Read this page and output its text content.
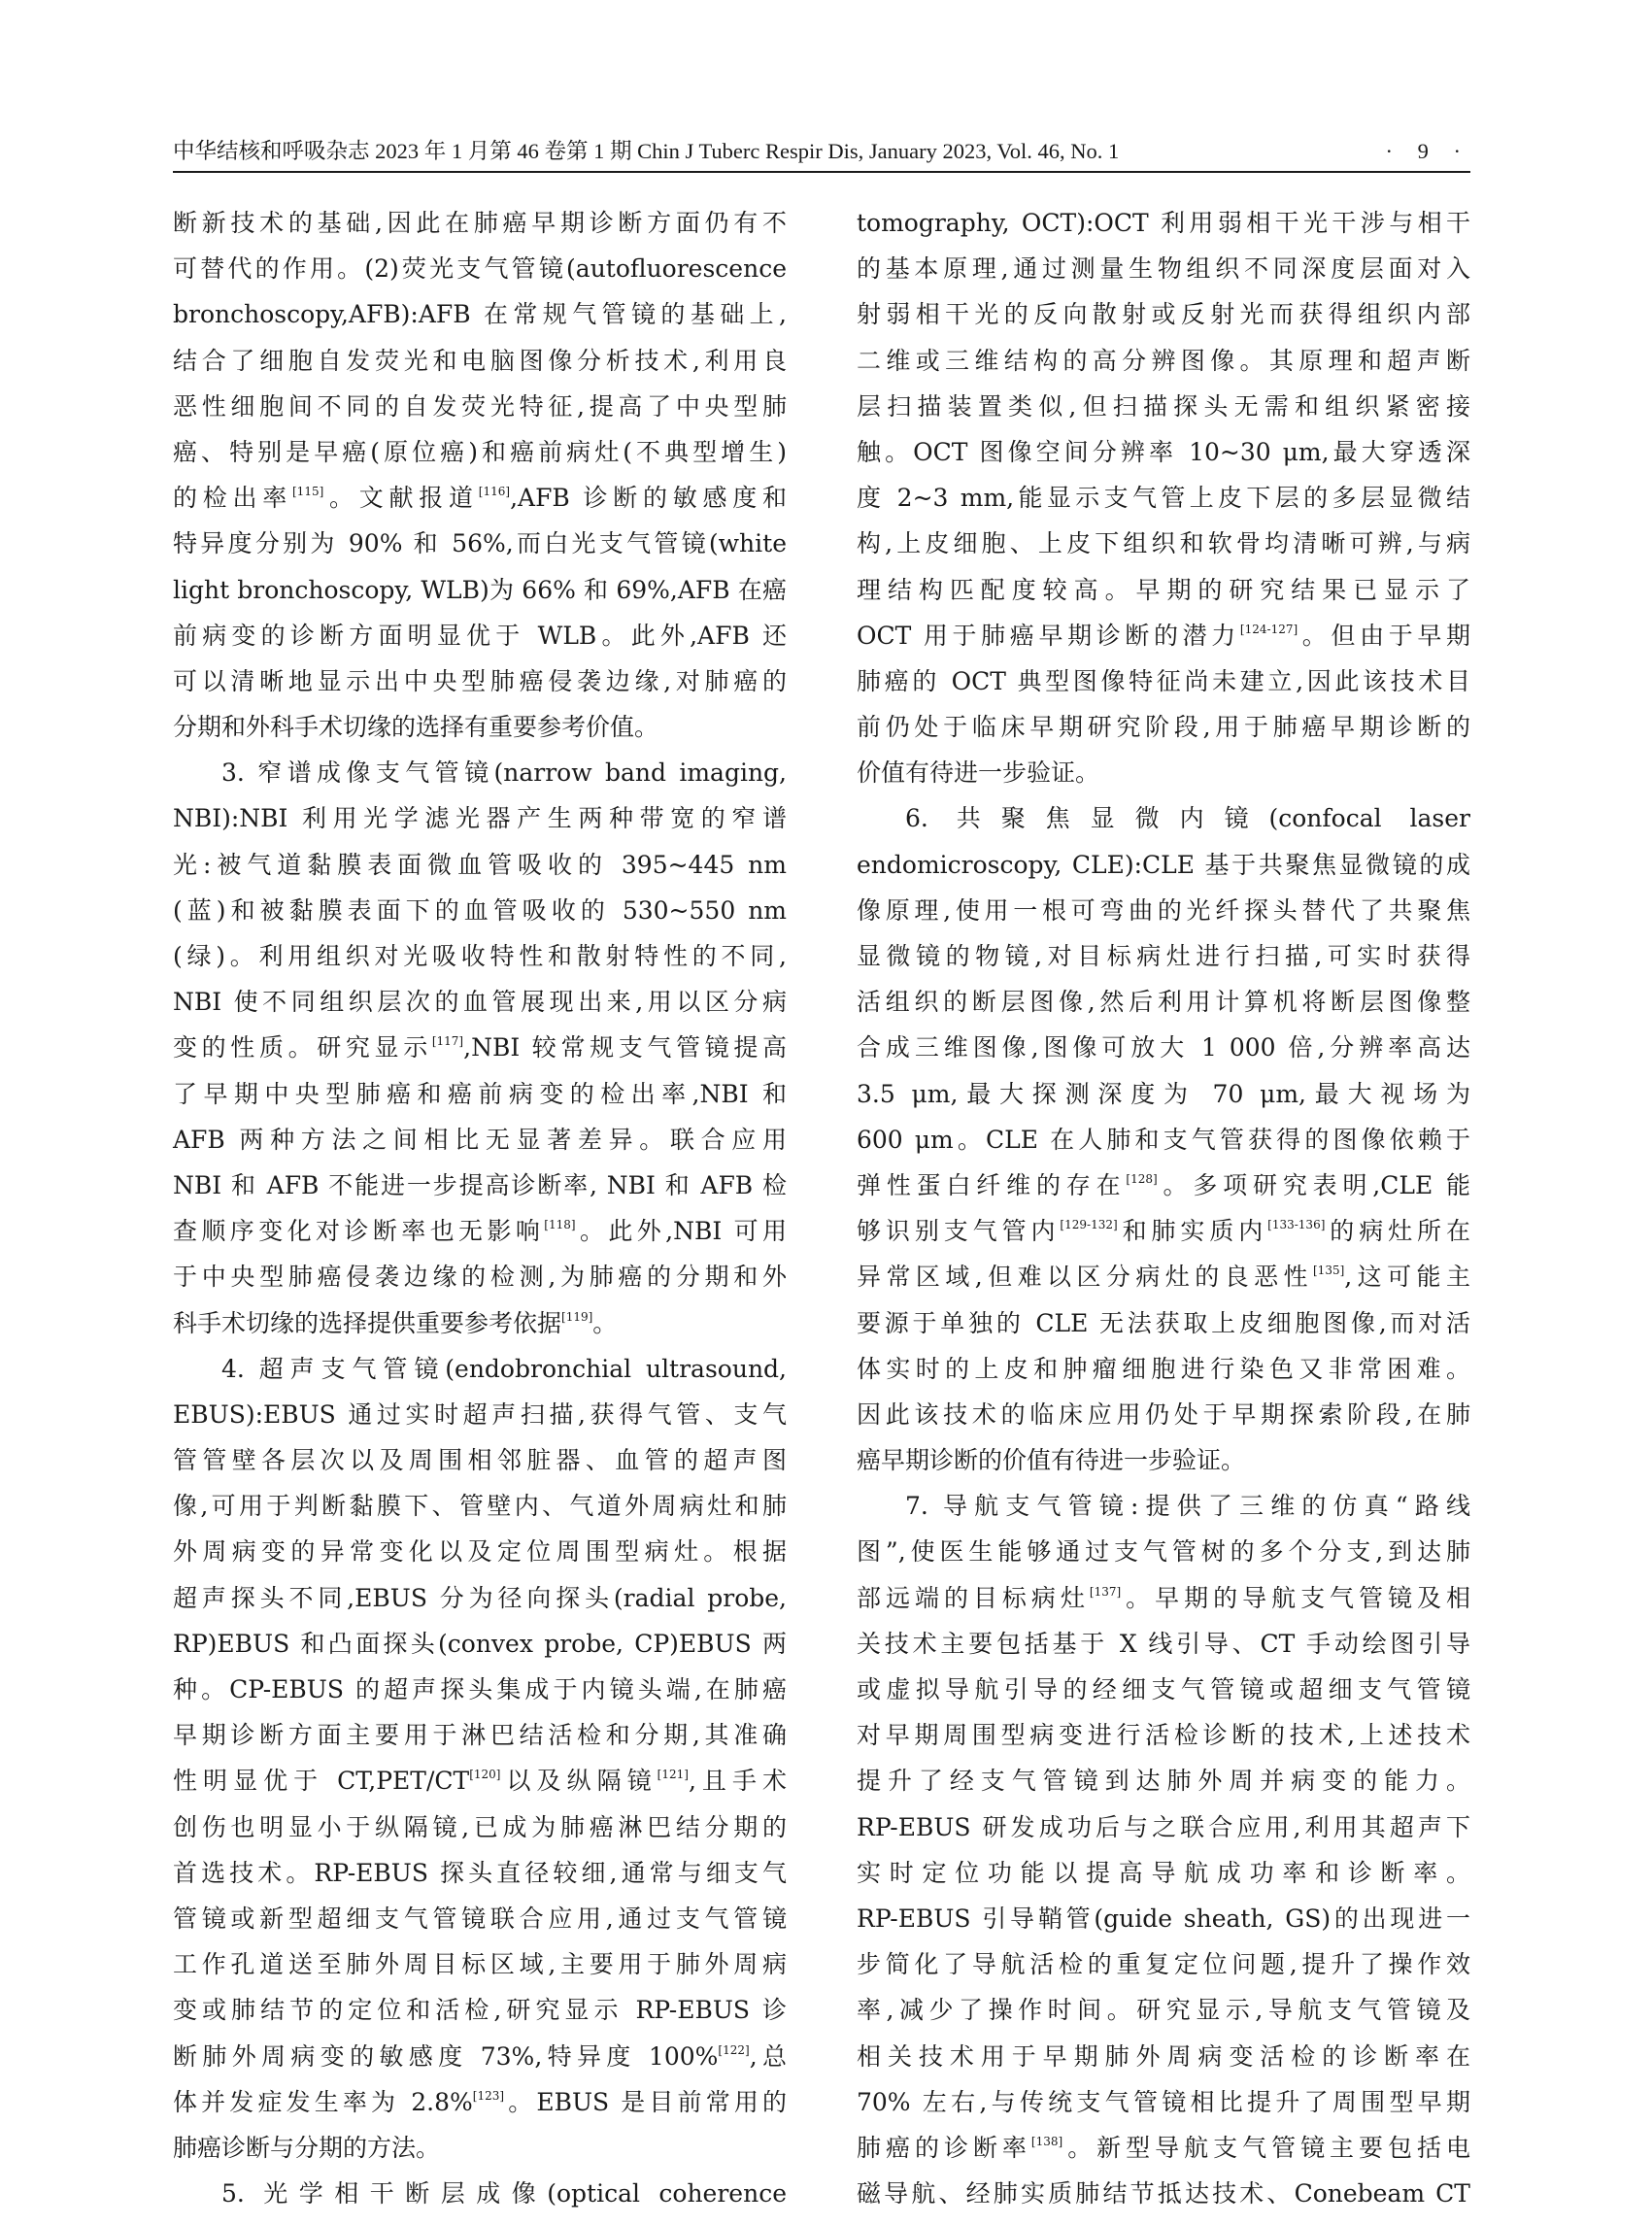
中华结核和呼吸杂志 2023 年 1 月第 46 卷第 1 期 Chin J Tuberc Respir Dis, January 2023, Vol. 46, No. 1	· 9 ·
断新技术的基础,因此在肺癌早期诊断方面仍有不
可替代的作用。(2)荧光支气管镜(autofluorescence
bronchoscopy,AFB):AFB 在常规气管镜的基础上,
结合了细胞自发荧光和电脑图像分析技术,利用良
恶性细胞间不同的自发荧光特征,提高了中央型肺
癌、特别是早癌(原位癌)和癌前病灶(不典型增生)
的检出率[115]。文献报道[116],AFB 诊断的敏感度和
特异度分别为 90% 和 56%,而白光支气管镜(white
light bronchoscopy, WLB)为 66% 和 69%,AFB 在癌
前病变的诊断方面明显优于 WLB。此外,AFB 还
可以清晰地显示出中央型肺癌侵袭边缘,对肺癌的
分期和外科手术切缘的选择有重要参考价值。
3. 窄谱成像支气管镜(narrow band imaging,
NBI):NBI 利用光学滤光器产生两种带宽的窄谱
光:被气道黏膜表面微血管吸收的 395~445 nm
(蓝)和被黏膜表面下的血管吸收的 530~550 nm
(绿)。利用组织对光吸收特性和散射特性的不同,
NBI 使不同组织层次的血管展现出来,用以区分病
变的性质。研究显示[117],NBI 较常规支气管镜提高
了早期中央型肺癌和癌前病变的检出率,NBI 和
AFB 两种方法之间相比无显著差异。联合应用
NBI 和 AFB 不能进一步提高诊断率, NBI 和 AFB 检
查顺序变化对诊断率也无影响[118]。此外,NBI 可用
于中央型肺癌侵袭边缘的检测,为肺癌的分期和外
科手术切缘的选择提供重要参考依据[119]。
4. 超声支气管镜(endobronchial ultrasound,
EBUS):EBUS 通过实时超声扫描,获得气管、支气
管管壁各层次以及周围相邻脏器、血管的超声图
像,可用于判断黏膜下、管壁内、气道外周病灶和肺
外周病变的异常变化以及定位周围型病灶。根据
超声探头不同,EBUS 分为径向探头(radial probe,
RP)EBUS 和凸面探头(convex probe, CP)EBUS 两
种。CP-EBUS 的超声探头集成于内镜头端,在肺癌
早期诊断方面主要用于淋巴结活检和分期,其准确
性明显优于 CT,PET/CT[120]以及纵隔镜[121],且手术
创伤也明显小于纵隔镜,已成为肺癌淋巴结分期的
首选技术。RP-EBUS 探头直径较细,通常与细支气
管镜或新型超细支气管镜联合应用,通过支气管镜
工作孔道送至肺外周目标区域,主要用于肺外周病
变或肺结节的定位和活检,研究显示 RP-EBUS 诊
断肺外周病变的敏感度 73%,特异度 100%[122],总
体并发症发生率为 2.8%[123]。EBUS 是目前常用的
肺癌诊断与分期的方法。
5. 光学相干断层成像(optical coherence
tomography, OCT):OCT 利用弱相干光干涉与相干
的基本原理,通过测量生物组织不同深度层面对入
射弱相干光的反向散射或反射光而获得组织内部
二维或三维结构的高分辨图像。其原理和超声断
层扫描装置类似,但扫描探头无需和组织紧密接
触。OCT 图像空间分辨率 10~30 μm,最大穿透深
度 2~3 mm,能显示支气管上皮下层的多层显微结
构,上皮细胞、上皮下组织和软骨均清晰可辨,与病
理结构匹配度较高。早期的研究结果已显示了
OCT 用于肺癌早期诊断的潜力[124-127]。但由于早期
肺癌的 OCT 典型图像特征尚未建立,因此该技术目
前仍处于临床早期研究阶段,用于肺癌早期诊断的
价值有待进一步验证。
6. 共聚焦显微内镜(confocal laser
endomicroscopy, CLE):CLE 基于共聚焦显微镜的成
像原理,使用一根可弯曲的光纤探头替代了共聚焦
显微镜的物镜,对目标病灶进行扫描,可实时获得
活组织的断层图像,然后利用计算机将断层图像整
合成三维图像,图像可放大 1 000 倍,分辨率高达
3.5 μm,最大探测深度为 70 μm,最大视场为
600 μm。CLE 在人肺和支气管获得的图像依赖于
弹性蛋白纤维的存在[128]。多项研究表明,CLE 能
够识别支气管内[129-132]和肺实质内[133-136]的病灶所在
异常区域,但难以区分病灶的良恶性[135],这可能主
要源于单独的 CLE 无法获取上皮细胞图像,而对活
体实时的上皮和肿瘤细胞进行染色又非常困难。
因此该技术的临床应用仍处于早期探索阶段,在肺
癌早期诊断的价值有待进一步验证。
7. 导航支气管镜:提供了三维的仿真“路线
图”,使医生能够通过支气管树的多个分支,到达肺
部远端的目标病灶[137]。早期的导航支气管镜及相
关技术主要包括基于 X 线引导、CT 手动绘图引导
或虚拟导航引导的经细支气管镜或超细支气管镜
对早期周围型病变进行活检诊断的技术,上述技术
提升了经支气管镜到达肺外周并病变的能力。
RP-EBUS 研发成功后与之联合应用,利用其超声下
实时定位功能以提高导航成功率和诊断率。
RP-EBUS 引导鞘管(guide sheath, GS)的出现进一
步简化了导航活检的重复定位问题,提升了操作效
率,减少了操作时间。研究显示,导航支气管镜及
相关技术用于早期肺外周病变活检的诊断率在
70% 左右,与传统支气管镜相比提升了周围型早期
肺癌的诊断率[138]。新型导航支气管镜主要包括电
磁导航、经肺实质肺结节抵达技术、Conebeam CT
